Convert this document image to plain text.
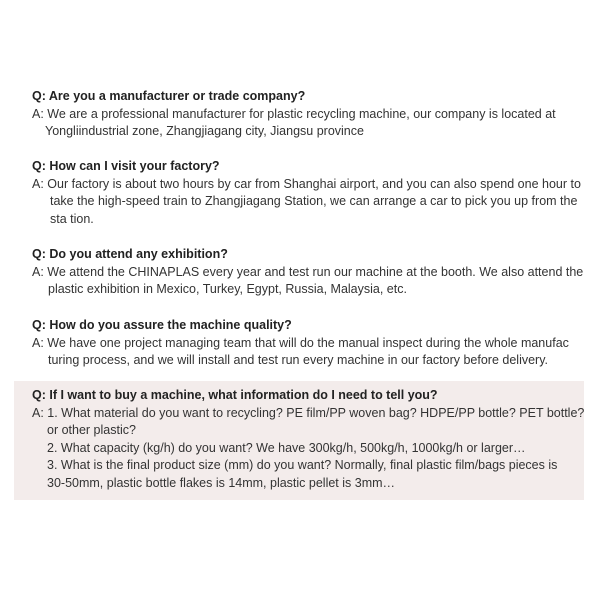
Q: Are you a manufacturer or trade company?
A: We are a professional manufacturer for plastic recycling machine, our company is located at
Yongliindustrial zone, Zhangjiagang city, Jiangsu province
Q: How can I visit your factory?
A: Our factory is about two hours by car from Shanghai airport, and you can also spend one hour to
take the high-speed train to Zhangjiagang Station, we can arrange a car to pick you up from the
sta tion.
Q: Do you attend any exhibition?
A: We attend the CHINAPLAS every year and test run our machine at the booth. We also attend the
plastic exhibition in Mexico, Turkey, Egypt, Russia, Malaysia, etc.
Q: How do you assure the machine quality?
A: We have one project managing team that will do the manual inspect during the whole manufac
turing process, and we will install and test run every machine in our factory before delivery.
Q: If I want to buy a machine, what information do I need to tell you?
A: 1. What material do you want to recycling? PE film/PP woven bag? HDPE/PP bottle? PET bottle?
or other plastic?
2. What capacity (kg/h) do you want? We have 300kg/h, 500kg/h, 1000kg/h or larger…
3. What is the final product size (mm) do you want? Normally, final plastic film/bags pieces is
30-50mm, plastic bottle flakes is 14mm, plastic pellet is 3mm…
